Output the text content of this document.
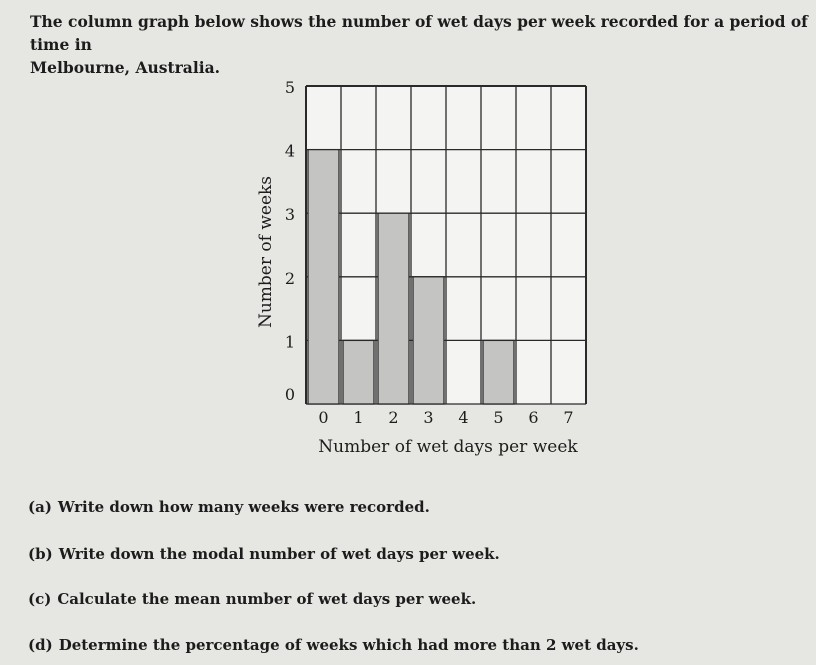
The column graph below shows the number of wet days per week recorded for a period of time in
Melbourne, Australia.
0
1
2
3
4
5
0 1 2 3 4 5 6 7
Number of weeks
Number of wet days per week
(a) Write down how many weeks were recorded.
(b) Write down the modal number of wet days per week.
(c) Calculate the mean number of wet days per week.
(d) Determine the percentage of weeks which had more than 2 wet days.
